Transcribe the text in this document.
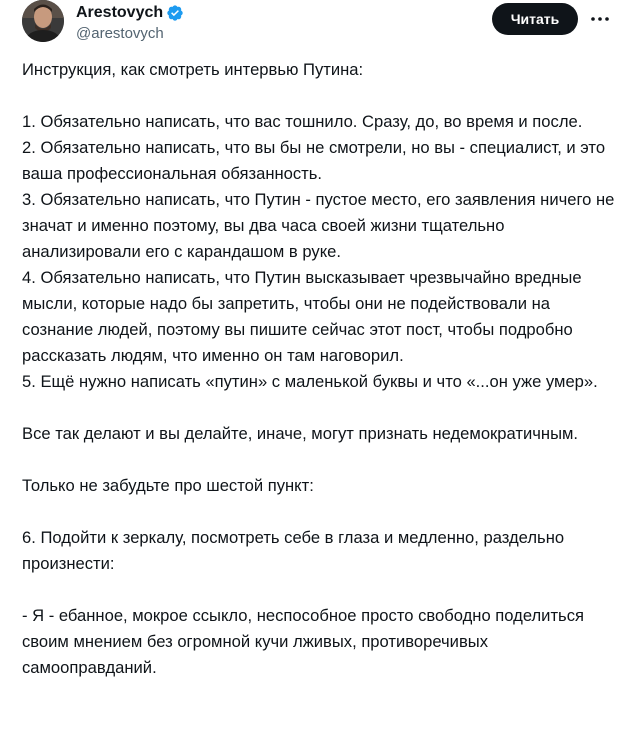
Arestovych
@arestovych
Читать

Инструкция, как смотреть интервью Путина:

1. Обязательно написать, что вас тошнило. Сразу, до, во время и после.

2. Обязательно написать, что вы бы не смотрели, но вы - специалист, и это ваша профессиональная обязанность.

3. Обязательно написать, что Путин - пустое место, его заявления ничего не значат и именно поэтому, вы два часа своей жизни тщательно анализировали его с карандашом в руке.

4. Обязательно написать, что Путин высказывает чрезвычайно вредные мысли, которые надо бы запретить, чтобы они не подействовали на сознание людей, поэтому вы пишите сейчас этот пост, чтобы подробно рассказать людям, что именно он там наговорил.

5. Ещё нужно написать «путин» с маленькой буквы и что «...он уже умер».

Все так делают и вы делайте, иначе, могут признать недемократичным.

Только не забудьте про шестой пункт:

6. Подойти к зеркалу, посмотреть себе в глаза и медленно, раздельно произнести:

- Я - ебанное, мокрое ссыкло, неспособное просто свободно поделиться своим мнением без огромной кучи лживых, противоречивых самооправданий.
